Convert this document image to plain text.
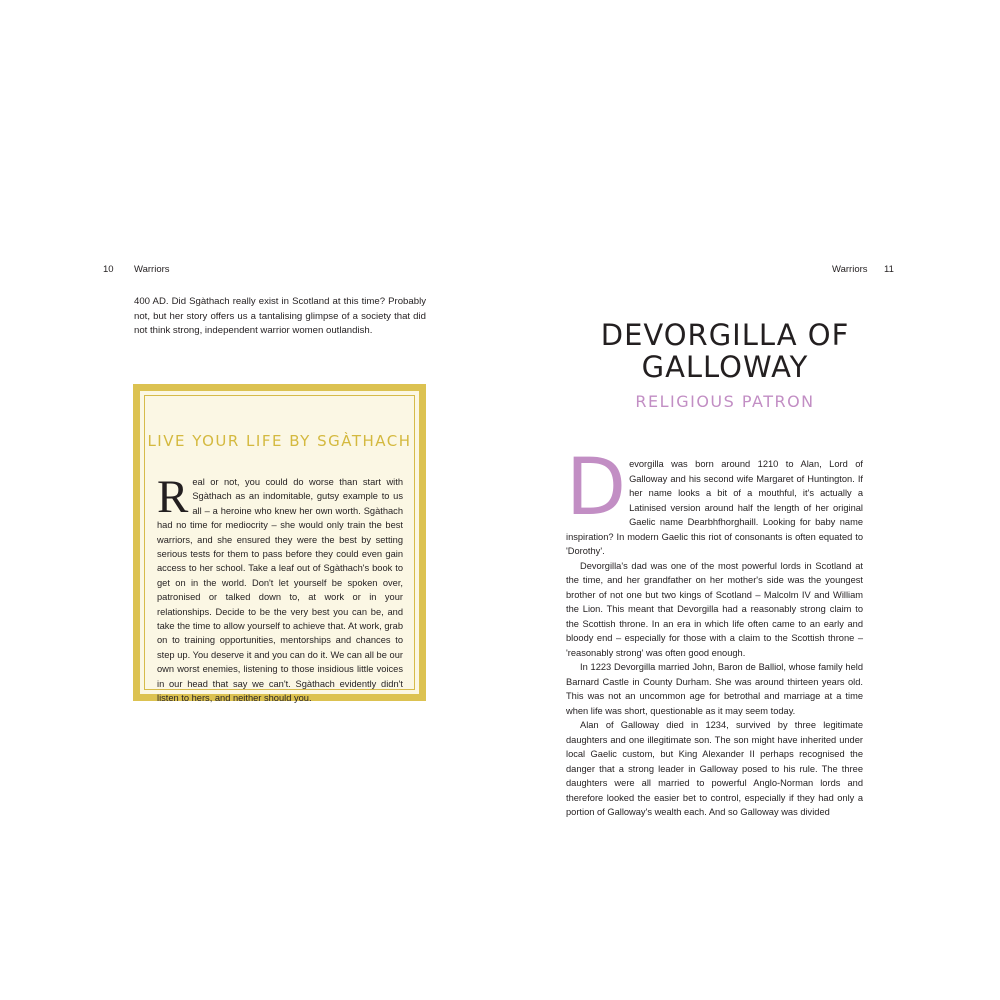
10 Warriors
400 AD. Did Sgàthach really exist in Scotland at this time? Probably not, but her story offers us a tantalising glimpse of a society that did not think strong, independent warrior women outlandish.
LIVE YOUR LIFE BY SGÀTHACH
Real or not, you could do worse than start with Sgàthach as an indomitable, gutsy example to us all – a heroine who knew her own worth. Sgàthach had no time for mediocrity – she would only train the best warriors, and she ensured they were the best by setting serious tests for them to pass before they could even gain access to her school. Take a leaf out of Sgàthach's book to get on in the world. Don't let yourself be spoken over, patronised or talked down to, at work or in your relationships. Decide to be the very best you can be, and take the time to allow yourself to achieve that. At work, grab on to training opportunities, mentorships and chances to step up. You deserve it and you can do it. We can all be our own worst enemies, listening to those insidious little voices in our head that say we can't. Sgàthach evidently didn't listen to hers, and neither should you.
Warriors 11
DEVORGILLA OF
GALLOWAY
RELIGIOUS PATRON

Devorgilla was born around 1210 to Alan, Lord of Galloway and his second wife Margaret of Huntington. If her name looks a bit of a mouthful, it's actually a Latinised version around half the length of her original Gaelic name Dearbhfhorghaill. Looking for baby name inspiration? In modern Gaelic this riot of consonants is often equated to 'Dorothy'.

Devorgilla's dad was one of the most powerful lords in Scotland at the time, and her grandfather on her mother's side was the youngest brother of not one but two kings of Scotland – Malcolm IV and William the Lion. This meant that Devorgilla had a reasonably strong claim to the Scottish throne. In an era in which life often came to an early and bloody end – especially for those with a claim to the Scottish throne – 'reasonably strong' was often good enough.

In 1223 Devorgilla married John, Baron de Balliol, whose family held Barnard Castle in County Durham. She was around thirteen years old. This was not an uncommon age for betrothal and marriage at a time when life was short, questionable as it may seem today.

Alan of Galloway died in 1234, survived by three legitimate daughters and one illegitimate son. The son might have inherited under local Gaelic custom, but King Alexander II perhaps recognised the danger that a strong leader in Galloway posed to his rule. The three daughters were all married to powerful Anglo-Norman lords and therefore looked the easier bet to control, especially if they had only a portion of Galloway's wealth each. And so Galloway was divided
